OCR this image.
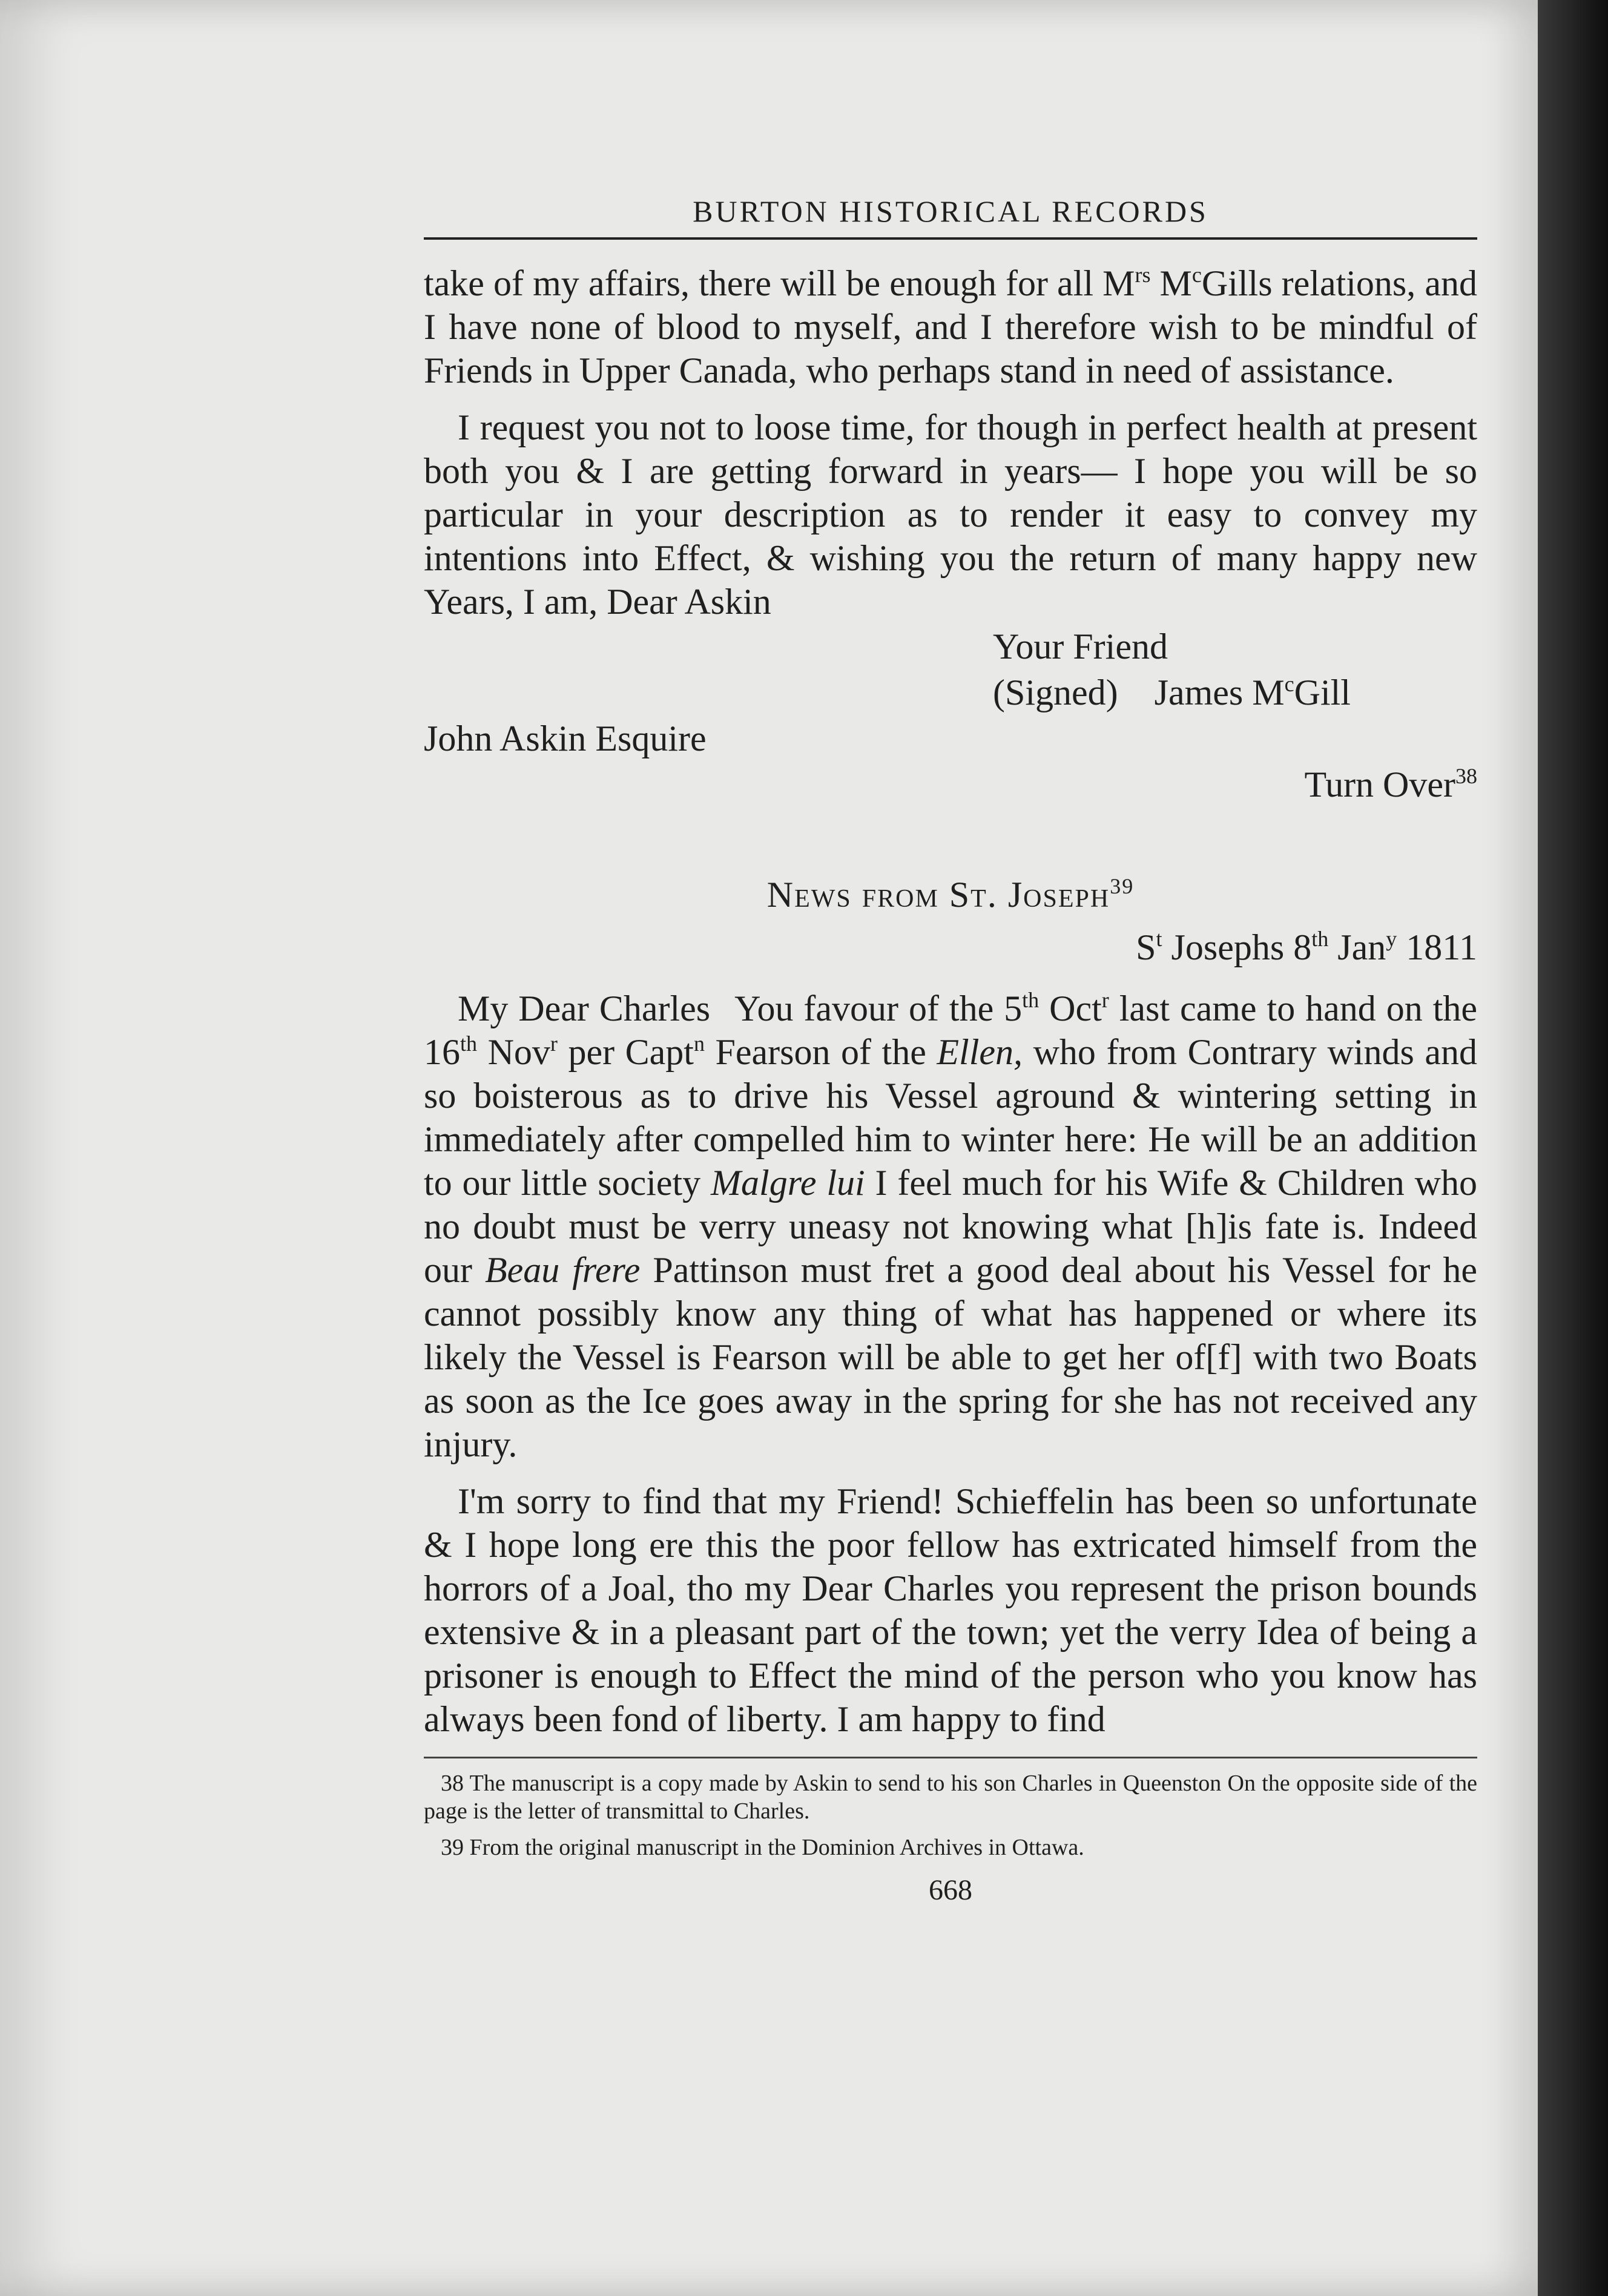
BURTON HISTORICAL RECORDS

take of my affairs, there will be enough for all $M^{rs}$ $M^cGills$ relations, and I have none of blood to myself, and I therefore wish to be mindful of Friends in Upper Canada, who perhaps stand in need of assistance.

I request you not to loose time, for though in perfect health at present both you & I are getting forward in years— I hope you will be so particular in your description as to render it easy to convey my intentions into Effect, & wishing you the return of many happy new Years, I am, Dear Askin

Your Friend
(Signed) James $M^cGill$
John Askin Esquire
Turn Over$^{38}$
News from St. Joseph$^{39}$
$S^t$ Josephs 8th Jan$^y$ 1811

My Dear Charles You favour of the 5th Oct$^r$ last came to hand on the 16th Nov$^r$ per Capt$^n$ Fearson of the Ellen, who from Contrary winds and so boisterous as to drive his Vessel aground & wintering setting in immediately after compelled him to winter here: He will be an addition to our little society Malgre lui I feel much for his Wife & Children who no doubt must be verry uneasy not knowing what [h]is fate is. Indeed our Beau frere Pattinson must fret a good deal about his Vessel for he cannot possibly know any thing of what has happened or where its likely the Vessel is Fearson will be able to get her of[f] with two Boats as soon as the Ice goes away in the spring for she has not received any injury.

I'm sorry to find that my Friend! Schieffelin has been so unfortunate & I hope long ere this the poor fellow has extricated himself from the horrors of a Joal, tho my Dear Charles you represent the prison bounds extensive & in a pleasant part of the town; yet the verry Idea of being a prisoner is enough to Effect the mind of the person who you know has always been fond of liberty. I am happy to find

38 The manuscript is a copy made by Askin to send to his son Charles in Queenston On the opposite side of the page is the letter of transmittal to Charles.

39 From the original manuscript in the Dominion Archives in Ottawa.

668
